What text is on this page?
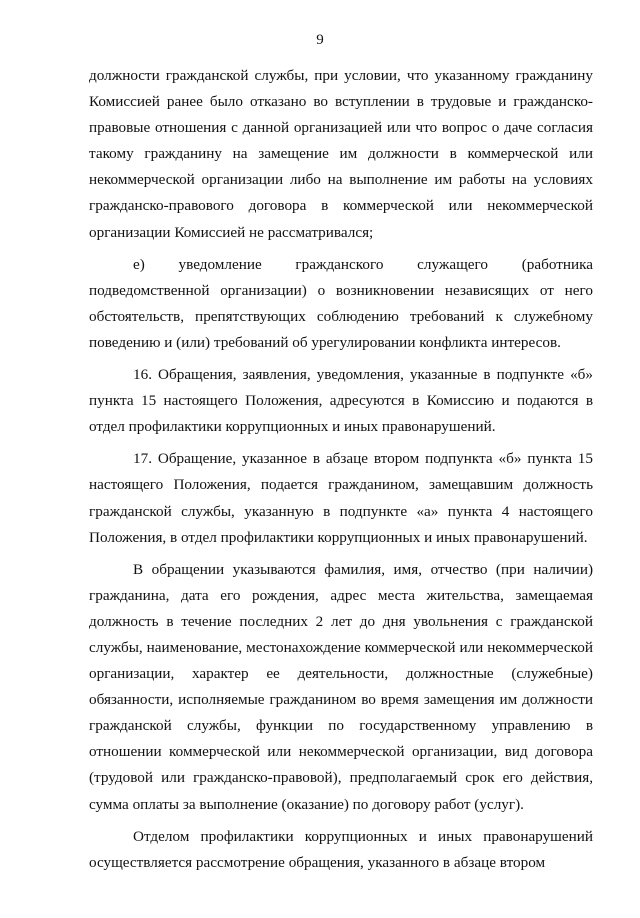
9

должности гражданской службы, при условии, что указанному гражданину Комиссией ранее было отказано во вступлении в трудовые и гражданско-правовые отношения с данной организацией или что вопрос о даче согласия такому гражданину на замещение им должности в коммерческой или некоммерческой организации либо на выполнение им работы на условиях гражданско-правового договора в коммерческой или некоммерческой организации Комиссией не рассматривался;

е) уведомление гражданского служащего (работника подведомственной организации) о возникновении независящих от него обстоятельств, препятствующих соблюдению требований к служебному поведению и (или) требований об урегулировании конфликта интересов.

16. Обращения, заявления, уведомления, указанные в подпункте «б» пункта 15 настоящего Положения, адресуются в Комиссию и подаются в отдел профилактики коррупционных и иных правонарушений.

17. Обращение, указанное в абзаце втором подпункта «б» пункта 15 настоящего Положения, подается гражданином, замещавшим должность гражданской службы, указанную в подпункте «а» пункта 4 настоящего Положения, в отдел профилактики коррупционных и иных правонарушений.

В обращении указываются фамилия, имя, отчество (при наличии) гражданина, дата его рождения, адрес места жительства, замещаемая должность в течение последних 2 лет до дня увольнения с гражданской службы, наименование, местонахождение коммерческой или некоммерческой организации, характер ее деятельности, должностные (служебные) обязанности, исполняемые гражданином во время замещения им должности гражданской службы, функции по государственному управлению в отношении коммерческой или некоммерческой организации, вид договора (трудовой или гражданско-правовой), предполагаемый срок его действия, сумма оплаты за выполнение (оказание) по договору работ (услуг).

Отделом профилактики коррупционных и иных правонарушений осуществляется рассмотрение обращения, указанного в абзаце втором
